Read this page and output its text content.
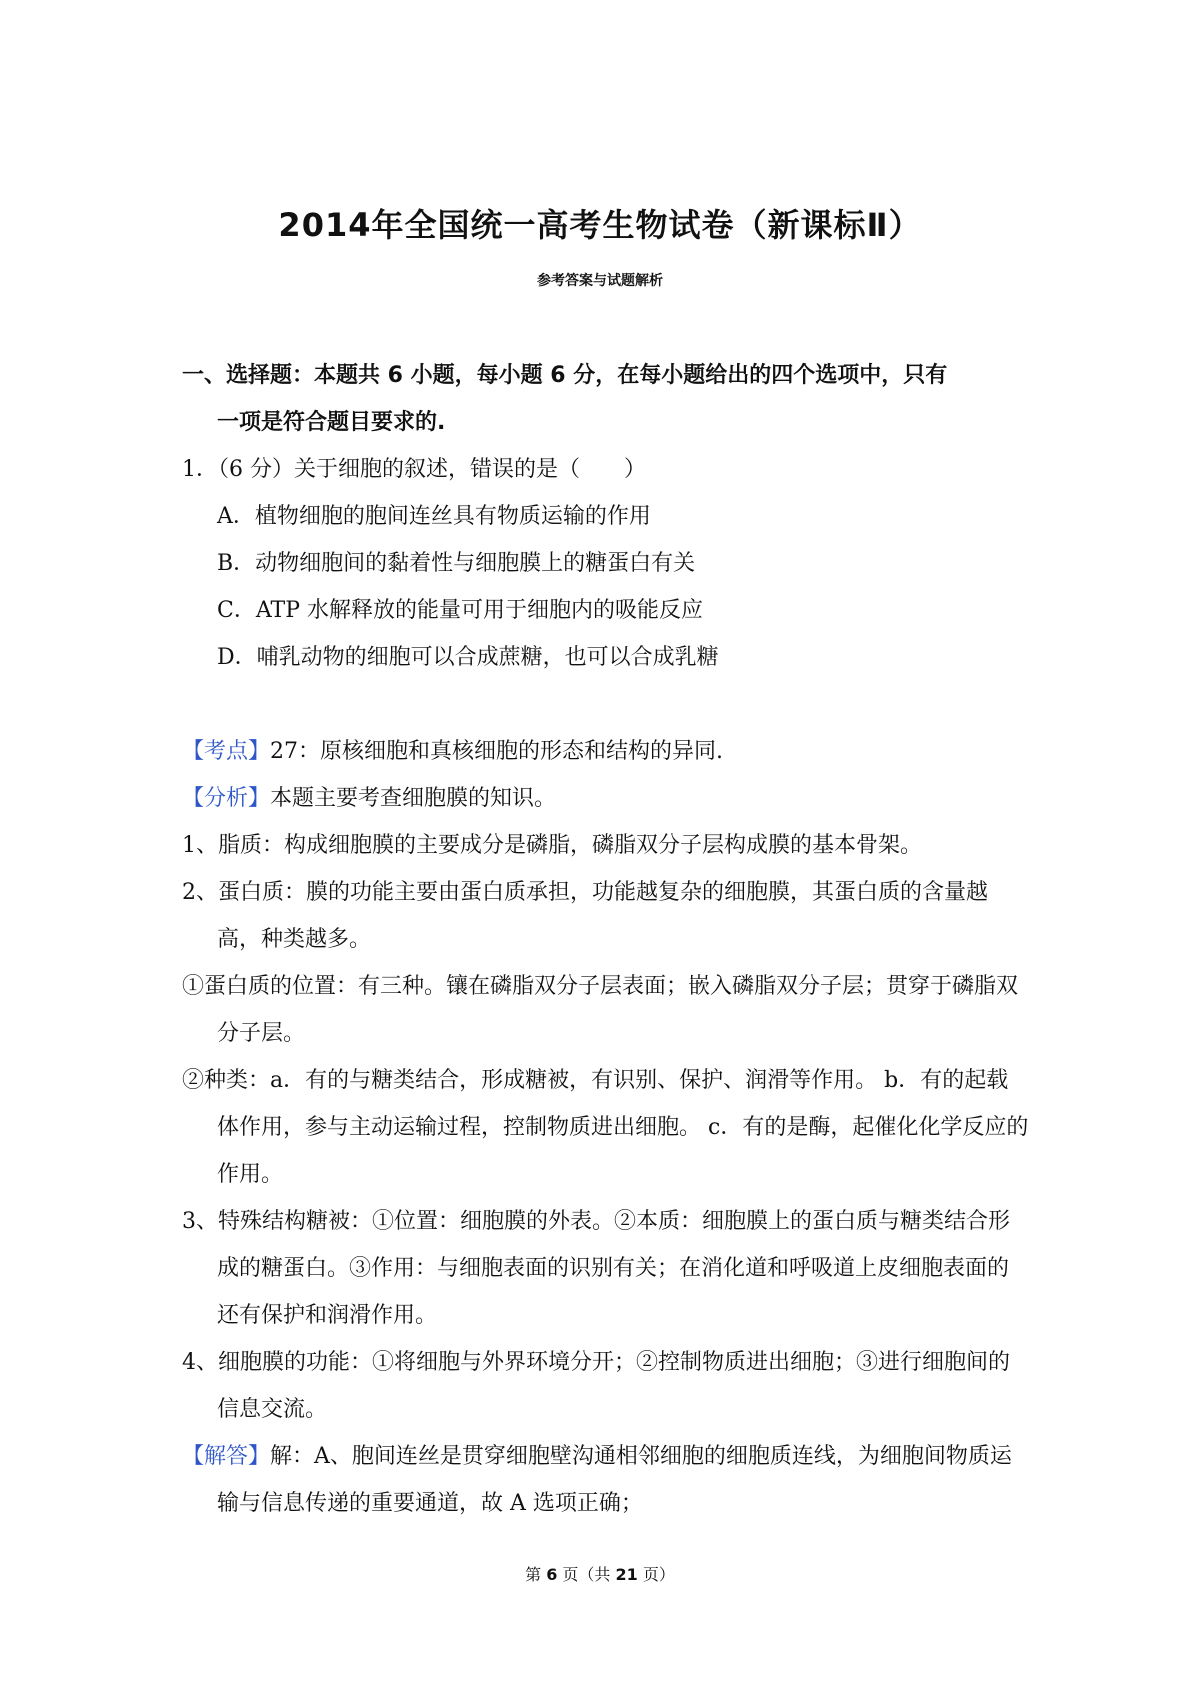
2014年全国统一高考生物试卷（新课标Ⅱ）
参考答案与试题解析
一、选择题：本题共 6 小题，每小题 6 分，在每小题给出的四个选项中，只有
一项是符合题目要求的.
1．（6 分）关于细胞的叙述，错误的是（　　）
A．植物细胞的胞间连丝具有物质运输的作用
B．动物细胞间的黏着性与细胞膜上的糖蛋白有关
C．ATP 水解释放的能量可用于细胞内的吸能反应
D．哺乳动物的细胞可以合成蔗糖，也可以合成乳糖
【考点】27：原核细胞和真核细胞的形态和结构的异同.
【分析】本题主要考查细胞膜的知识。
1、脂质：构成细胞膜的主要成分是磷脂，磷脂双分子层构成膜的基本骨架。
2、蛋白质：膜的功能主要由蛋白质承担，功能越复杂的细胞膜，其蛋白质的含量越高，种类越多。
①蛋白质的位置：有三种。镶在磷脂双分子层表面；嵌入磷脂双分子层；贯穿于磷脂双分子层。
②种类：a．有的与糖类结合，形成糖被，有识别、保护、润滑等作用。 b．有的起载体作用，参与主动运输过程，控制物质进出细胞。 c．有的是酶，起催化化学反应的作用。
3、特殊结构糖被：①位置：细胞膜的外表。②本质：细胞膜上的蛋白质与糖类结合形成的糖蛋白。③作用：与细胞表面的识别有关；在消化道和呼吸道上皮细胞表面的还有保护和润滑作用。
4、细胞膜的功能：①将细胞与外界环境分开；②控制物质进出细胞；③进行细胞间的信息交流。
【解答】解：A、胞间连丝是贯穿细胞壁沟通相邻细胞的细胞质连线，为细胞间物质运输与信息传递的重要通道，故 A 选项正确；
第 6 页（共 21 页）
